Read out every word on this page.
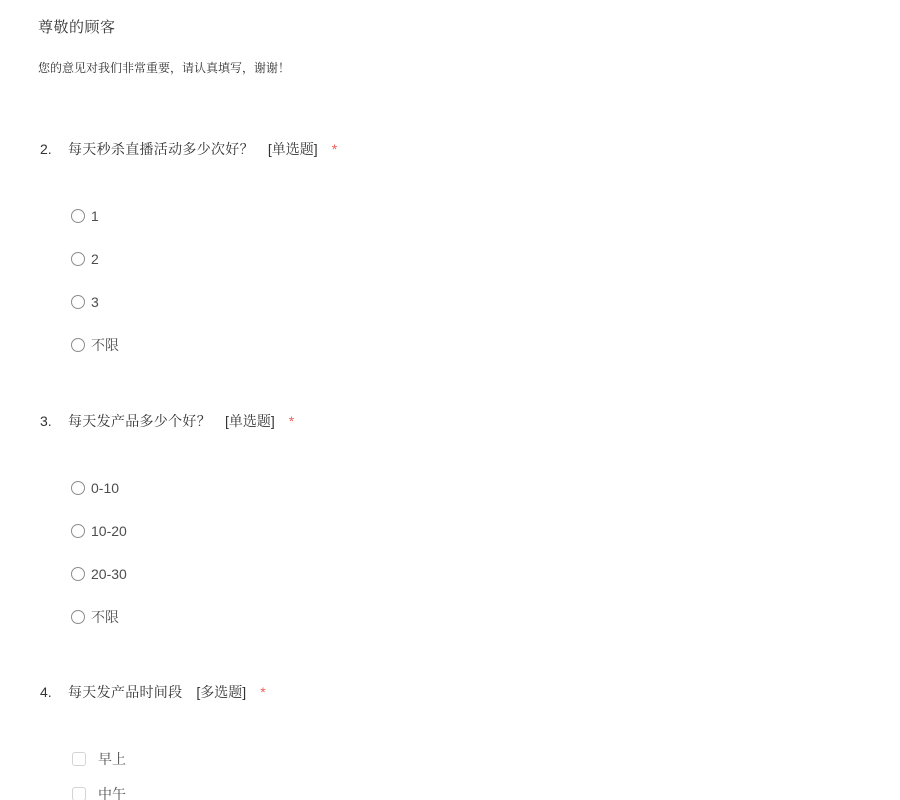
尊敬的顾客
您的意见对我们非常重要，请认真填写，谢谢！
2.	每天秒杀直播活动多少次好？ [单选题] *
1
2
3
不限
3.	每天发产品多少个好？ [单选题] *
0-10
10-20
20-30
不限
4.	每天发产品时间段 [多选题] *
早上
中午
